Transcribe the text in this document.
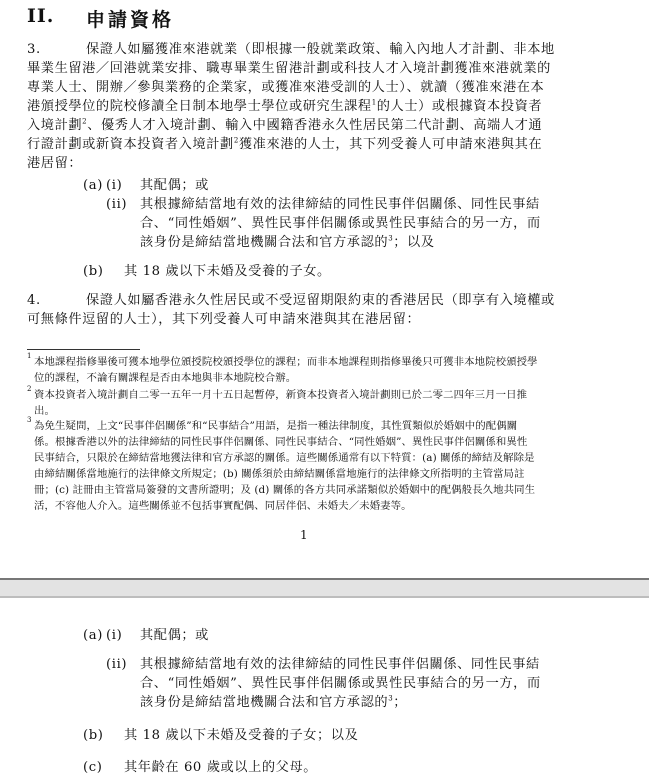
II. 申請資格
3.	保證人如屬獲准來港就業（即根據一般就業政策、輸入內地人才計劃、非本地
畢業生留港／回港就業安排、職專畢業生留港計劃或科技人才入境計劃獲准來港就業的
專業人士、開辦／參與業務的企業家，或獲准來港受訓的人士）、就讀（獲准來港在本
港頒授學位的院校修讀全日制本地學士學位或研究生課程$^1$的人士）或根據資本投資者
入境計劃$^2$、優秀人才入境計劃、輸入中國籍香港永久性居民第二代計劃、高端人才通
行證計劃或新資本投資者入境計劃$^2$獲准來港的人士，其下列受養人可申請來港與其在
港居留：
(a) (i) 其配偶；或
(ii) 其根據締結當地有效的法律締結的同性民事伴侶關係、同性民事結
合、“同性婚姻”、異性民事伴侶關係或異性民事結合的另一方，而
該身份是締結當地機關合法和官方承認的$^3$；以及
(b) 其 18 歲以下未婚及受養的子女。
4.	保證人如屬香港永久性居民或不受逗留期限約束的香港居民（即享有入境權或
可無條件逗留的人士），其下列受養人可申請來港與其在港居留：
1 本地課程指修畢後可獲本地學位頒授院校頒授學位的課程；而非本地課程則指修畢後只可獲非本地院校頒授學
位的課程，不論有關課程是否由本地與非本地院校合辦。
2 資本投資者入境計劃自二零一五年一月十五日起暫停，新資本投資者入境計劃則已於二零二四年三月一日推
出。
3 為免生疑問，上文“民事伴侶關係”和“民事結合”用語，是指一種法律制度，其性質類似於婚姻中的配偶關
係。根據香港以外的法律締結的同性民事伴侶關係、同性民事結合、“同性婚姻”、異性民事伴侶關係和異性
民事結合，只限於在締結當地獲法律和官方承認的關係。這些關係通常有以下特質：(a) 關係的締結及解除是
由締結關係當地施行的法律條文所規定；(b) 關係須於由締結關係當地施行的法律條文所指明的主管當局註
冊；(c) 註冊由主管當局簽發的文書所證明；及 (d) 關係的各方共同承諾類似於婚姻中的配偶般長久地共同生
活，不容他人介入。這些關係並不包括事實配偶、同居伴侶、未婚夫／未婚妻等。
1
(a) (i) 其配偶；或
(ii) 其根據締結當地有效的法律締結的同性民事伴侶關係、同性民事結
合、“同性婚姻”、異性民事伴侶關係或異性民事結合的另一方，而
該身份是締結當地機關合法和官方承認的$^3$；
(b) 其 18 歲以下未婚及受養的子女；以及
(c) 其年齡在 60 歲或以上的父母。
